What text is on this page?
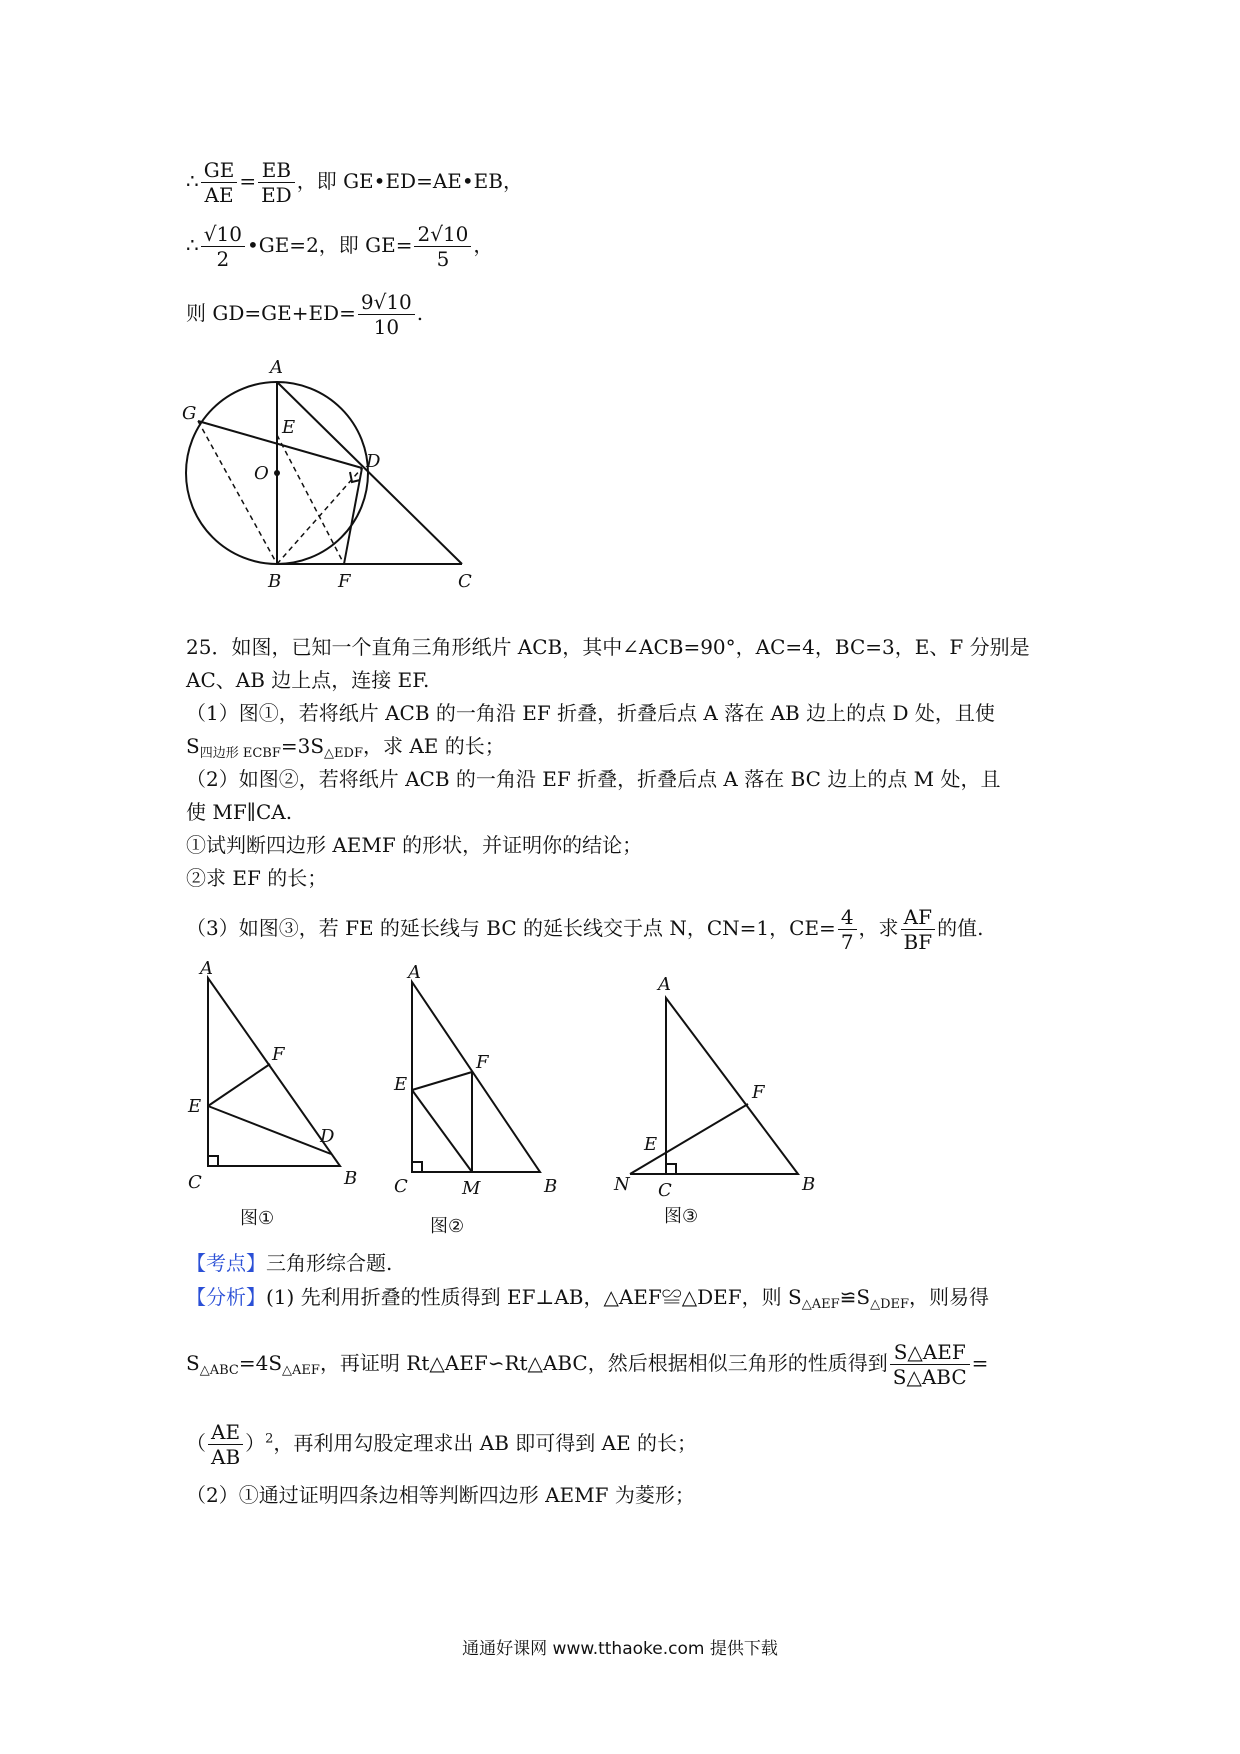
∴ $\frac{GE}{AE} = \frac{EB}{ED}$ ，即 GE•ED=AE•EB，
∴ $\frac{√10}{2}$ •GE=2，即 $GE= \frac{2√10}{5}$ ，
则 $GD=GE+ED= \frac{9√10}{10}$ .
A
G
E
O
D
B	F	C
25．如图，已知一个直角三角形纸片 ACB，其中∠ACB=90°，AC=4，BC=3，E、F 分别是
AC、AB 边上点，连接 EF.
（1）图①，若将纸片 ACB 的一角沿 EF 折叠，折叠后点 A 落在 AB 边上的点 D 处，且使
$S_{四边形 ECBF}=3S_{\triangle EDF}$，求 AE 的长；
（2）如图②，若将纸片 ACB 的一角沿 EF 折叠，折叠后点 A 落在 BC 边上的点 M 处，且
使 MF∥CA.
①试判断四边形 AEMF 的形状，并证明你的结论；
②求 EF 的长；
（3）如图③，若 FE 的延长线与 BC 的延长线交于点 N，CN=1，$CE= \frac{4}{7}$ ，求 $\frac{AF}{BF}$ 的值.
A
F
E
D
C	B
图①
A
E
F
C	M	B
图②
A
F
E
N C	B
图③
【考点】三角形综合题.
【分析】(1) 先利用折叠的性质得到 EF⊥AB，△AEF≌△DEF，则 $S_{\triangle AEF}≌S_{\triangle DEF}$，则易得
$S_{\triangle ABC}=4S_{\triangle AEF}$，再证明 Rt△AEF∽Rt△ABC，然后根据相似三角形的性质得到 $\frac{\text{S△AEF}}{\text{S△ABC}}$ =
（ $\frac{AE}{AB} )^2$，再利用勾股定理求出 AB 即可得到 AE 的长；
（2）①通过证明四条边相等判断四边形 AEMF 为菱形；
通通好课网 www.tthaoke.com 提供下载
